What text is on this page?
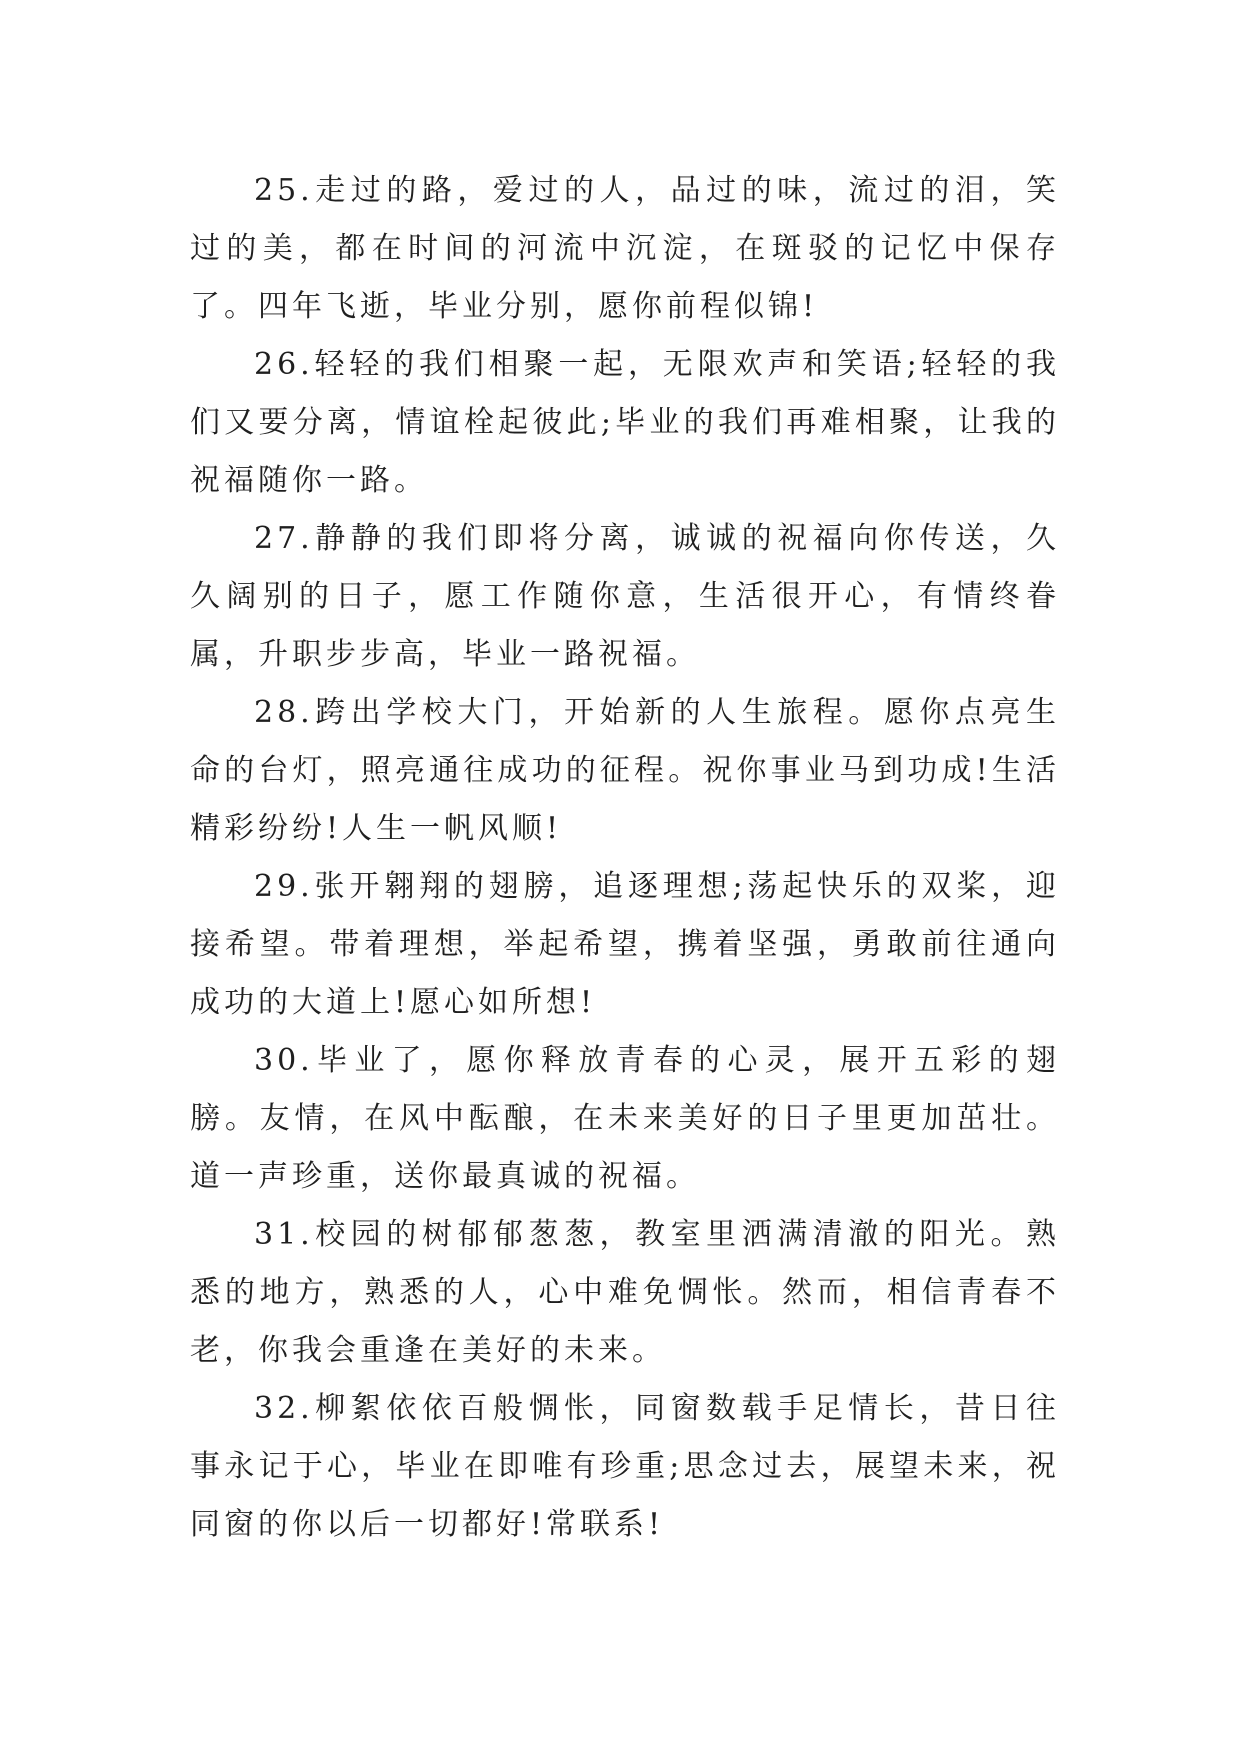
25.走过的路，爱过的人，品过的味，流过的泪，笑过的美，都在时间的河流中沉淀，在斑驳的记忆中保存了。四年飞逝，毕业分别，愿你前程似锦!

26.轻轻的我们相聚一起，无限欢声和笑语;轻轻的我们又要分离，情谊栓起彼此;毕业的我们再难相聚，让我的祝福随你一路。

27.静静的我们即将分离，诚诚的祝福向你传送，久久阔别的日子，愿工作随你意，生活很开心，有情终眷属，升职步步高，毕业一路祝福。

28.跨出学校大门，开始新的人生旅程。愿你点亮生命的台灯，照亮通往成功的征程。祝你事业马到功成!生活精彩纷纷!人生一帆风顺!

29.张开翱翔的翅膀，追逐理想;荡起快乐的双桨，迎接希望。带着理想，举起希望，携着坚强，勇敢前往通向成功的大道上!愿心如所想!

30.毕业了，愿你释放青春的心灵，展开五彩的翅膀。友情，在风中酝酿，在未来美好的日子里更加茁壮。道一声珍重，送你最真诚的祝福。

31.校园的树郁郁葱葱，教室里洒满清澈的阳光。熟悉的地方，熟悉的人，心中难免惆怅。然而，相信青春不老，你我会重逢在美好的未来。

32.柳絮依依百般惆怅，同窗数载手足情长，昔日往事永记于心，毕业在即唯有珍重;思念过去，展望未来，祝同窗的你以后一切都好!常联系!
